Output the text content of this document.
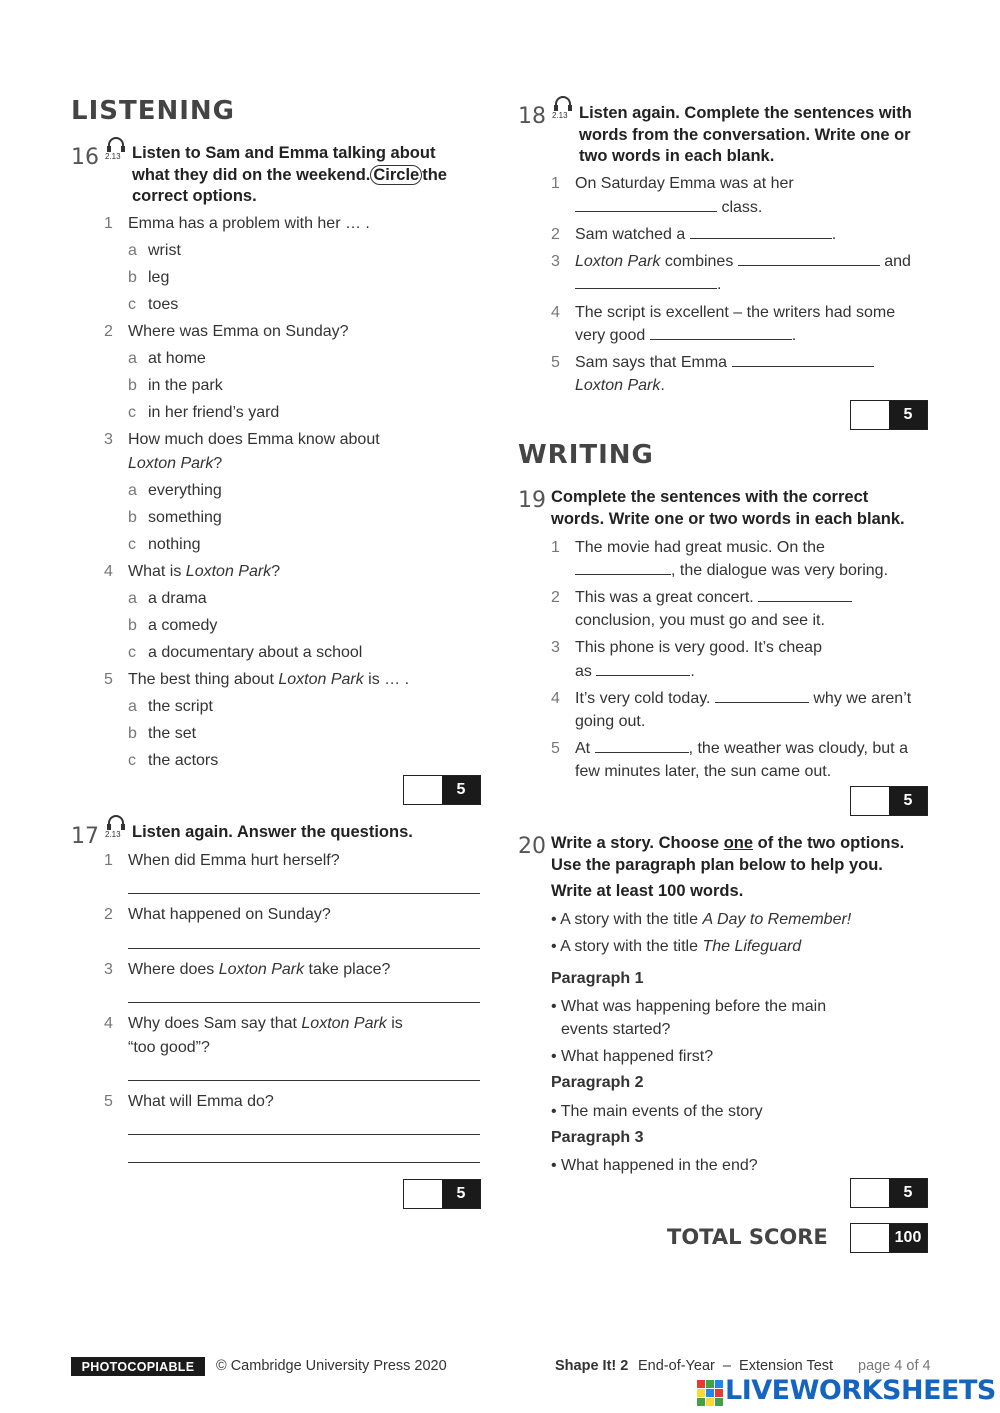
LISTENING
16 2.13 Listen to Sam and Emma talking about
what they did on the weekend. Circle the
correct options.
1 Emma has a problem with her … .
a wrist
b leg
c toes
2 Where was Emma on Sunday?
a at home
b in the park
c in her friend’s yard
3 How much does Emma know about
Loxton Park?
a everything
b something
c nothing
4 What is Loxton Park?
a a drama
b a comedy
c a documentary about a school
5 The best thing about Loxton Park is … .
a the script
b the set
c the actors
5
17 2.13 Listen again. Answer the questions.
1 When did Emma hurt herself?
2 What happened on Sunday?
3 Where does Loxton Park take place?
4 Why does Sam say that Loxton Park is
“too good”?
5 What will Emma do?
5
18 2.13 Listen again. Complete the sentences with
words from the conversation. Write one or
two words in each blank.
1 On Saturday Emma was at her
class.
2 Sam watched a	.
3 Loxton Park combines	and
.
4 The script is excellent – the writers had some
very good	.
5 Sam says that Emma
Loxton Park.
5
WRITING
19 Complete the sentences with the correct
words. Write one or two words in each blank.
1 The movie had great music. On the
, the dialogue was very boring.
2 This was a great concert.
conclusion, you must go and see it.
3 This phone is very good. It’s cheap
as	.
4 It’s very cold today.	why we aren’t
going out.
5 At	, the weather was cloudy, but a
few minutes later, the sun came out.
5
20 Write a story. Choose one of the two options.
Use the paragraph plan below to help you.
Write at least 100 words.
• A story with the title A Day to Remember!
• A story with the title The Lifeguard
Paragraph 1
• What was happening before the main
events started?
• What happened first?
Paragraph 2
• The main events of the story
Paragraph 3
• What happened in the end?
5
TOTAL SCORE	100
PHOTOCOPIABLE	© Cambridge University Press 2020	Shape It! 2 End-of-Year  –  Extension Test page 4 of 4
LIVEWORKSHEETS
